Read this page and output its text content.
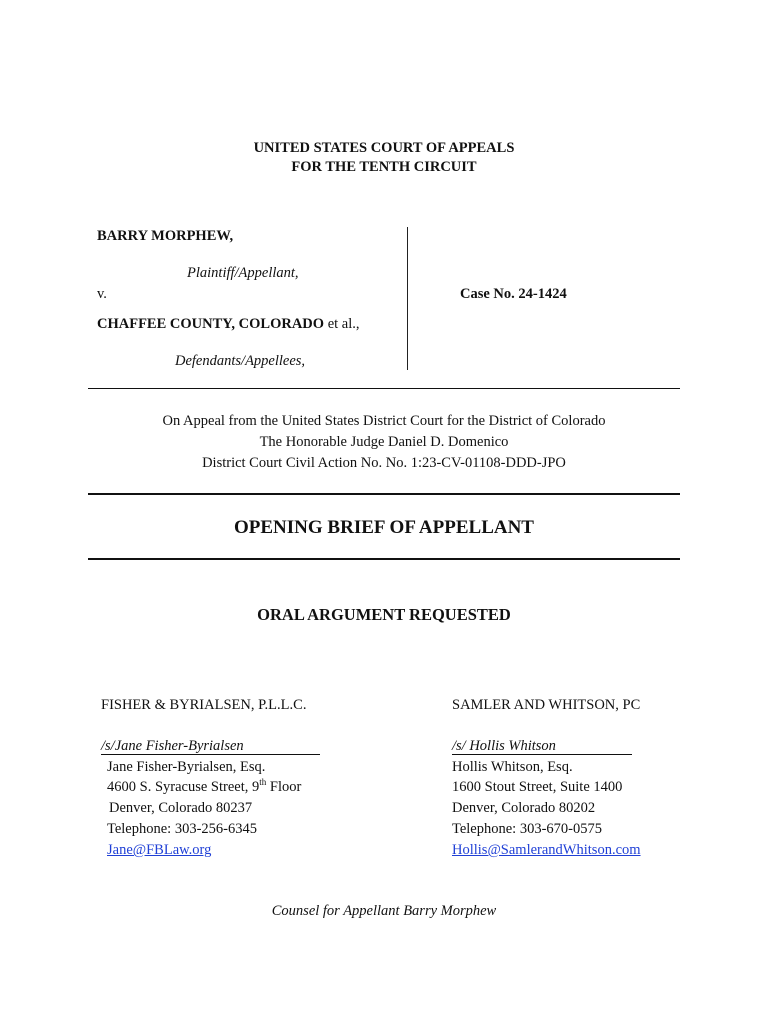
UNITED STATES COURT OF APPEALS
FOR THE TENTH CIRCUIT
BARRY MORPHEW,
Plaintiff/Appellant,
v.
CHAFFEE COUNTY, COLORADO et al.,
Defendants/Appellees,
Case No. 24-1424
On Appeal from the United States District Court for the District of Colorado
The Honorable Judge Daniel D. Domenico
District Court Civil Action No. No. 1:23-CV-01108-DDD-JPO
OPENING BRIEF OF APPELLANT
ORAL ARGUMENT REQUESTED
FISHER & BYRIALSEN, P.L.L.C.
/s/Jane Fisher-Byrialsen
Jane Fisher-Byrialsen, Esq.
4600 S. Syracuse Street, 9th Floor
Denver, Colorado 80237
Telephone: 303-256-6345
Jane@FBLaw.org
SAMLER AND WHITSON, PC
/s/ Hollis Whitson
Hollis Whitson, Esq.
1600 Stout Street, Suite 1400
Denver, Colorado 80202
Telephone: 303-670-0575
Hollis@SamlerandWhitson.com
Counsel for Appellant Barry Morphew
